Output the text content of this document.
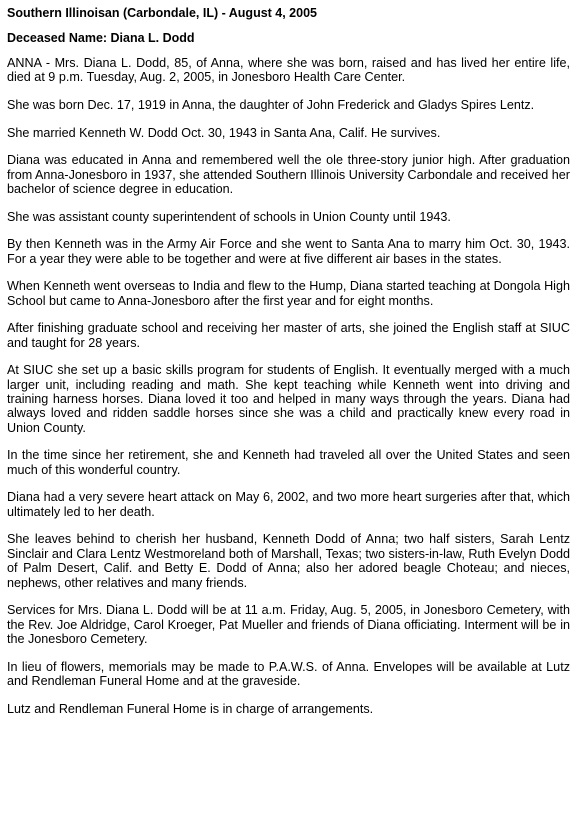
Southern Illinoisan (Carbondale, IL) - August 4, 2005

Deceased Name: Diana L. Dodd

ANNA - Mrs. Diana L. Dodd, 85, of Anna, where she was born, raised and has lived her entire life, died at 9 p.m. Tuesday, Aug. 2, 2005, in Jonesboro Health Care Center.

She was born Dec. 17, 1919 in Anna, the daughter of John Frederick and Gladys Spires Lentz.

She married Kenneth W. Dodd Oct. 30, 1943 in Santa Ana, Calif. He survives.

Diana was educated in Anna and remembered well the ole three-story junior high. After graduation from Anna-Jonesboro in 1937, she attended Southern Illinois University Carbondale and received her bachelor of science degree in education.

She was assistant county superintendent of schools in Union County until 1943.

By then Kenneth was in the Army Air Force and she went to Santa Ana to marry him Oct. 30, 1943. For a year they were able to be together and were at five different air bases in the states.

When Kenneth went overseas to India and flew to the Hump, Diana started teaching at Dongola High School but came to Anna-Jonesboro after the first year and for eight months.

After finishing graduate school and receiving her master of arts, she joined the English staff at SIUC and taught for 28 years.

At SIUC she set up a basic skills program for students of English. It eventually merged with a much larger unit, including reading and math. She kept teaching while Kenneth went into driving and training harness horses. Diana loved it too and helped in many ways through the years. Diana had always loved and ridden saddle horses since she was a child and practically knew every road in Union County.

In the time since her retirement, she and Kenneth had traveled all over the United States and seen much of this wonderful country.

Diana had a very severe heart attack on May 6, 2002, and two more heart surgeries after that, which ultimately led to her death.

She leaves behind to cherish her husband, Kenneth Dodd of Anna; two half sisters, Sarah Lentz Sinclair and Clara Lentz Westmoreland both of Marshall, Texas; two sisters-in-law, Ruth Evelyn Dodd of Palm Desert, Calif. and Betty E. Dodd of Anna; also her adored beagle Choteau; and nieces, nephews, other relatives and many friends.

Services for Mrs. Diana L. Dodd will be at 11 a.m. Friday, Aug. 5, 2005, in Jonesboro Cemetery, with the Rev. Joe Aldridge, Carol Kroeger, Pat Mueller and friends of Diana officiating. Interment will be in the Jonesboro Cemetery.

In lieu of flowers, memorials may be made to P.A.W.S. of Anna. Envelopes will be available at Lutz and Rendleman Funeral Home and at the graveside.

Lutz and Rendleman Funeral Home is in charge of arrangements.
